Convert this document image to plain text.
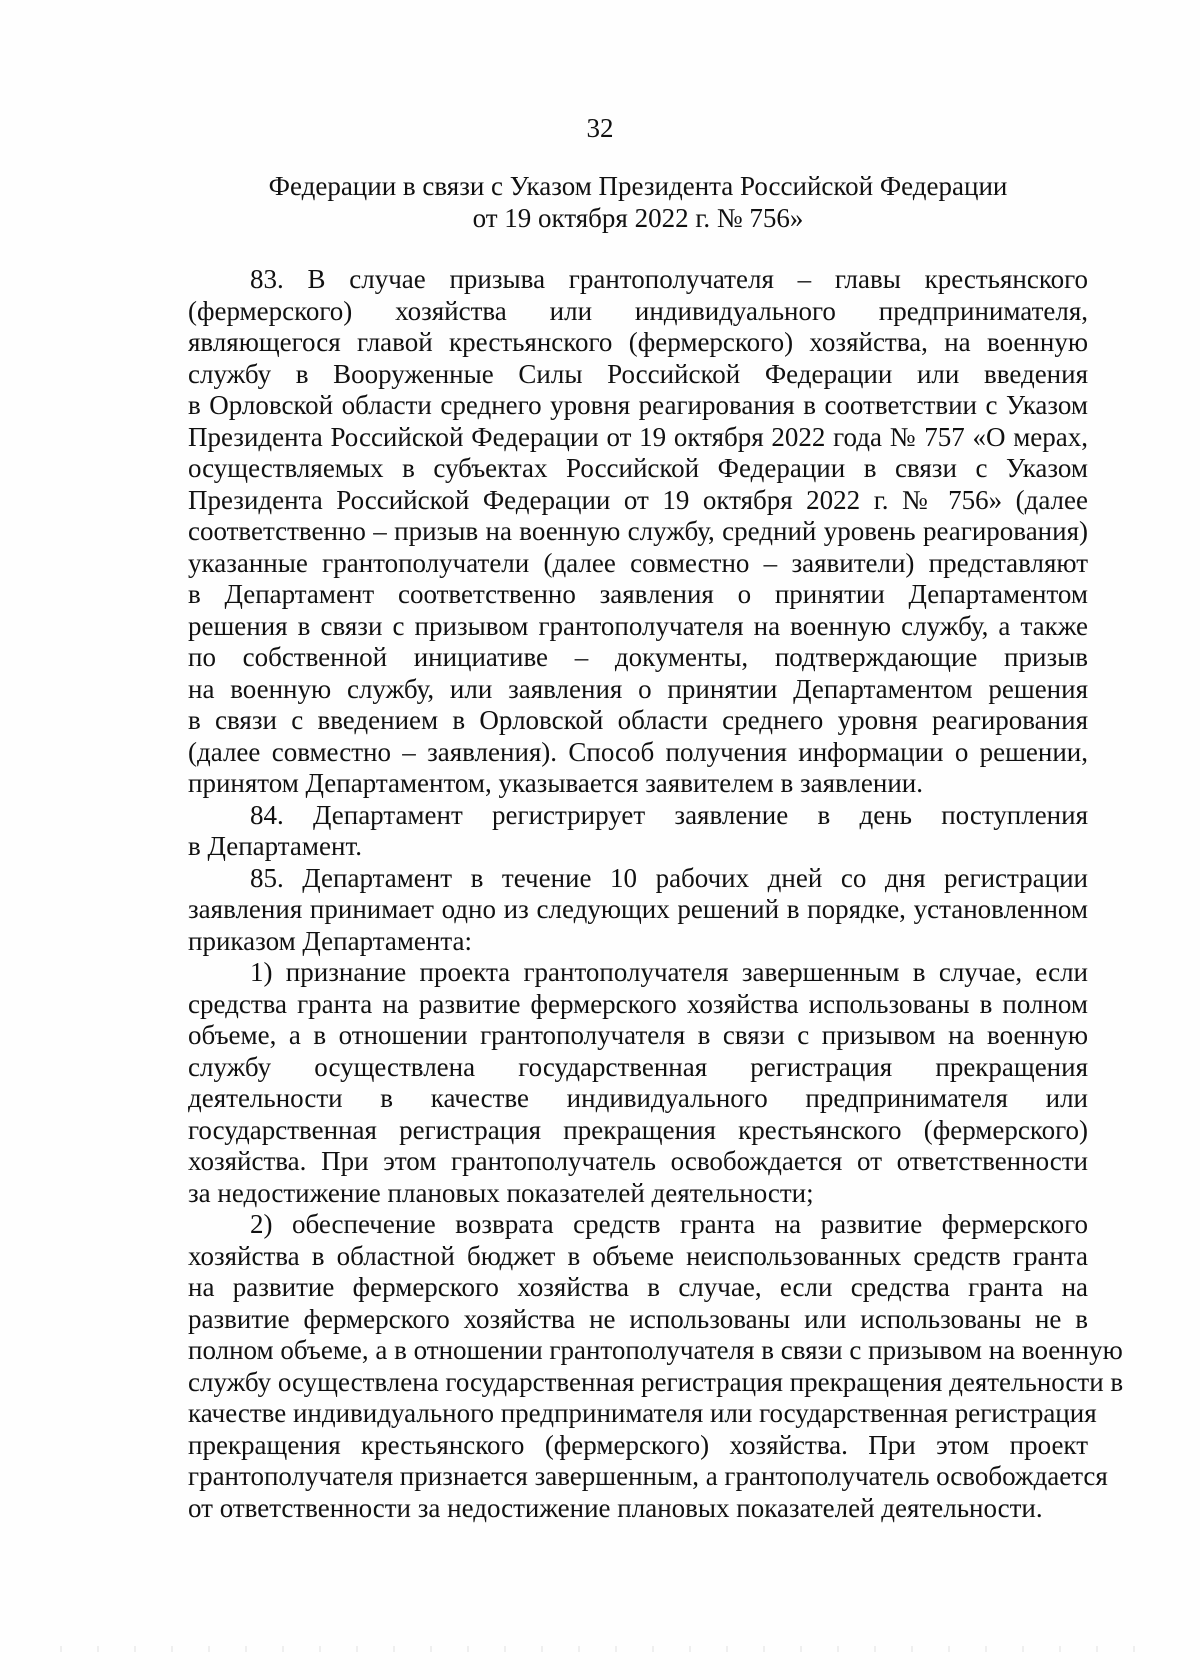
32
Федерации в связи с Указом Президента Российской Федерации
от 19 октября 2022 г. № 756»
83. В случае призыва грантополучателя – главы крестьянского
(фермерского) хозяйства или индивидуального предпринимателя,
являющегося главой крестьянского (фермерского) хозяйства, на военную
службу в Вооруженные Силы Российской Федерации или введения
в Орловской области среднего уровня реагирования в соответствии с Указом
Президента Российской Федерации от 19 октября 2022 года № 757 «О мерах,
осуществляемых в субъектах Российской Федерации в связи с Указом
Президента Российской Федерации от 19 октября 2022 г. № 756» (далее
соответственно – призыв на военную службу, средний уровень реагирования)
указанные грантополучатели (далее совместно – заявители) представляют
в Департамент соответственно заявления о принятии Департаментом
решения в связи с призывом грантополучателя на военную службу, а также
по собственной инициативе – документы, подтверждающие призыв
на военную службу, или заявления о принятии Департаментом решения
в связи с введением в Орловской области среднего уровня реагирования
(далее совместно – заявления). Способ получения информации о решении,
принятом Департаментом, указывается заявителем в заявлении.
84. Департамент регистрирует заявление в день поступления
в Департамент.
85. Департамент в течение 10 рабочих дней со дня регистрации
заявления принимает одно из следующих решений в порядке, установленном
приказом Департамента:
1) признание проекта грантополучателя завершенным в случае, если
средства гранта на развитие фермерского хозяйства использованы в полном
объеме, а в отношении грантополучателя в связи с призывом на военную
службу осуществлена государственная регистрация прекращения
деятельности в качестве индивидуального предпринимателя или
государственная регистрация прекращения крестьянского (фермерского)
хозяйства. При этом грантополучатель освобождается от ответственности
за недостижение плановых показателей деятельности;
2) обеспечение возврата средств гранта на развитие фермерского
хозяйства в областной бюджет в объеме неиспользованных средств гранта
на развитие фермерского хозяйства в случае, если средства гранта на
развитие фермерского хозяйства не использованы или использованы не в
полном объеме, а в отношении грантополучателя в связи с призывом на военную
службу осуществлена государственная регистрация прекращения деятельности в
качестве индивидуального предпринимателя или государственная регистрация
прекращения крестьянского (фермерского) хозяйства. При этом проект
грантополучателя признается завершенным, а грантополучатель освобождается
от ответственности за недостижение плановых показателей деятельности.
